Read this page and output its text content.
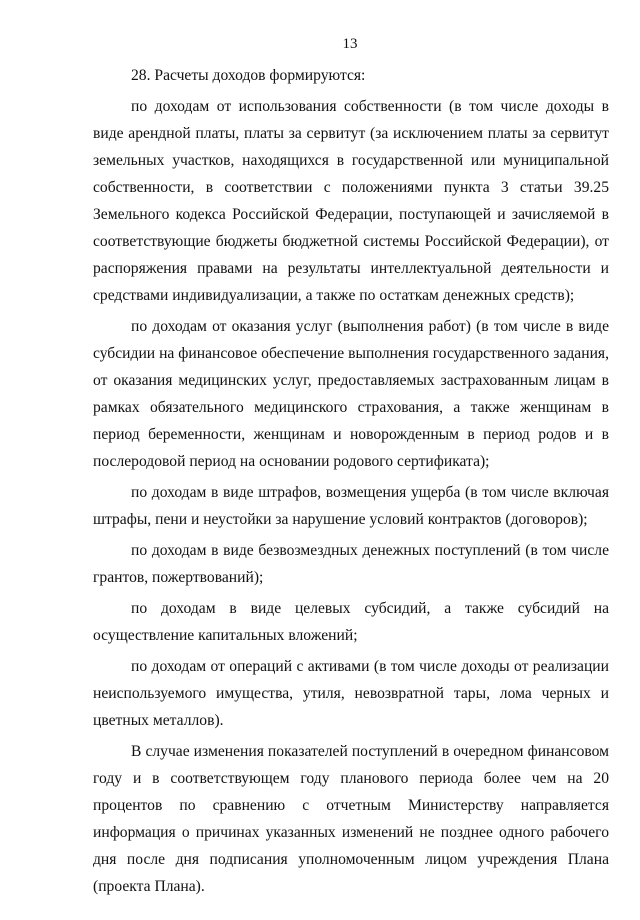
13

28. Расчеты доходов формируются:

по доходам от использования собственности (в том числе доходы в виде арендной платы, платы за сервитут (за исключением платы за сервитут земельных участков, находящихся в государственной или муниципальной собственности, в соответствии с положениями пункта 3 статьи 39.25 Земельного кодекса Российской Федерации, поступающей и зачисляемой в соответствующие бюджеты бюджетной системы Российской Федерации), от распоряжения правами на результаты интеллектуальной деятельности и средствами индивидуализации, а также по остаткам денежных средств);

по доходам от оказания услуг (выполнения работ) (в том числе в виде субсидии на финансовое обеспечение выполнения государственного задания, от оказания медицинских услуг, предоставляемых застрахованным лицам в рамках обязательного медицинского страхования, а также женщинам в период беременности, женщинам и новорожденным в период родов и в послеродовой период на основании родового сертификата);

по доходам в виде штрафов, возмещения ущерба (в том числе включая штрафы, пени и неустойки за нарушение условий контрактов (договоров);

по доходам в виде безвозмездных денежных поступлений (в том числе грантов, пожертвований);

по доходам в виде целевых субсидий, а также субсидий на осуществление капитальных вложений;

по доходам от операций с активами (в том числе доходы от реализации неиспользуемого имущества, утиля, невозвратной тары, лома черных и цветных металлов).

В случае изменения показателей поступлений в очередном финансовом году и в соответствующем году планового периода более чем на 20 процентов по сравнению с отчетным Министерству направляется информация о причинах указанных изменений не позднее одного рабочего дня после дня подписания уполномоченным лицом учреждения Плана (проекта Плана).
